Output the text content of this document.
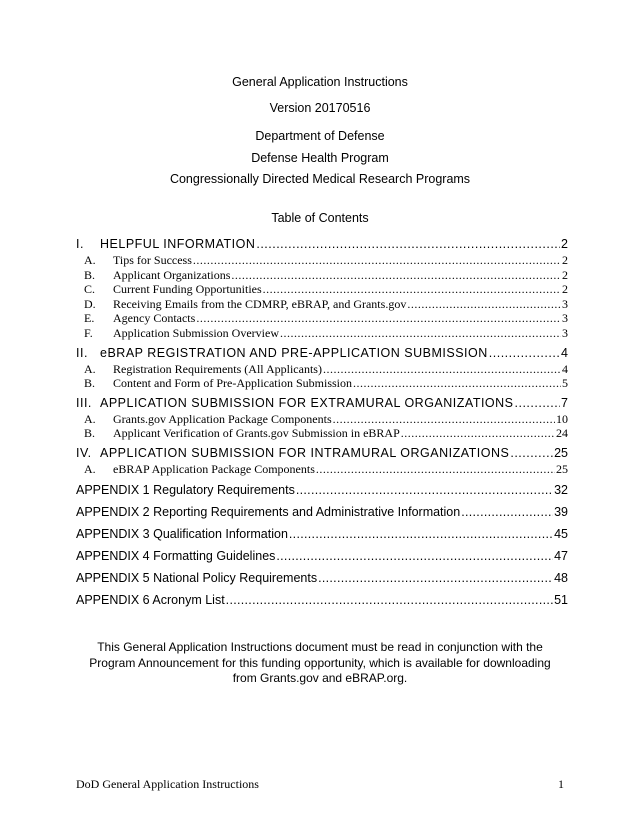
General Application Instructions
Version 20170516
Department of Defense
Defense Health Program
Congressionally Directed Medical Research Programs
Table of Contents
I. HELPFUL INFORMATION .....	2
A. Tips for Success .....	2
B. Applicant Organizations .....	2
C. Current Funding Opportunities .....	2
D. Receiving Emails from the CDMRP, eBRAP, and Grants.gov .....	3
E. Agency Contacts .....	3
F. Application Submission Overview .....	3
II. eBRAP REGISTRATION AND PRE-APPLICATION SUBMISSION .....	4
A. Registration Requirements (All Applicants) .....	4
B. Content and Form of Pre-Application Submission .....	5
III. APPLICATION SUBMISSION FOR EXTRAMURAL ORGANIZATIONS .....	7
A. Grants.gov Application Package Components .....	10
B. Applicant Verification of Grants.gov Submission in eBRAP .....	24
IV. APPLICATION SUBMISSION FOR INTRAMURAL ORGANIZATIONS .....	25
A. eBRAP Application Package Components .....	25
APPENDIX 1 Regulatory Requirements .....	32
APPENDIX 2 Reporting Requirements and Administrative Information .....	39
APPENDIX 3 Qualification Information .....	45
APPENDIX 4 Formatting Guidelines .....	47
APPENDIX 5 National Policy Requirements .....	48
APPENDIX 6 Acronym List .....	51
This General Application Instructions document must be read in conjunction with the Program Announcement for this funding opportunity, which is available for downloading from Grants.gov and eBRAP.org.
DoD General Application Instructions	1
